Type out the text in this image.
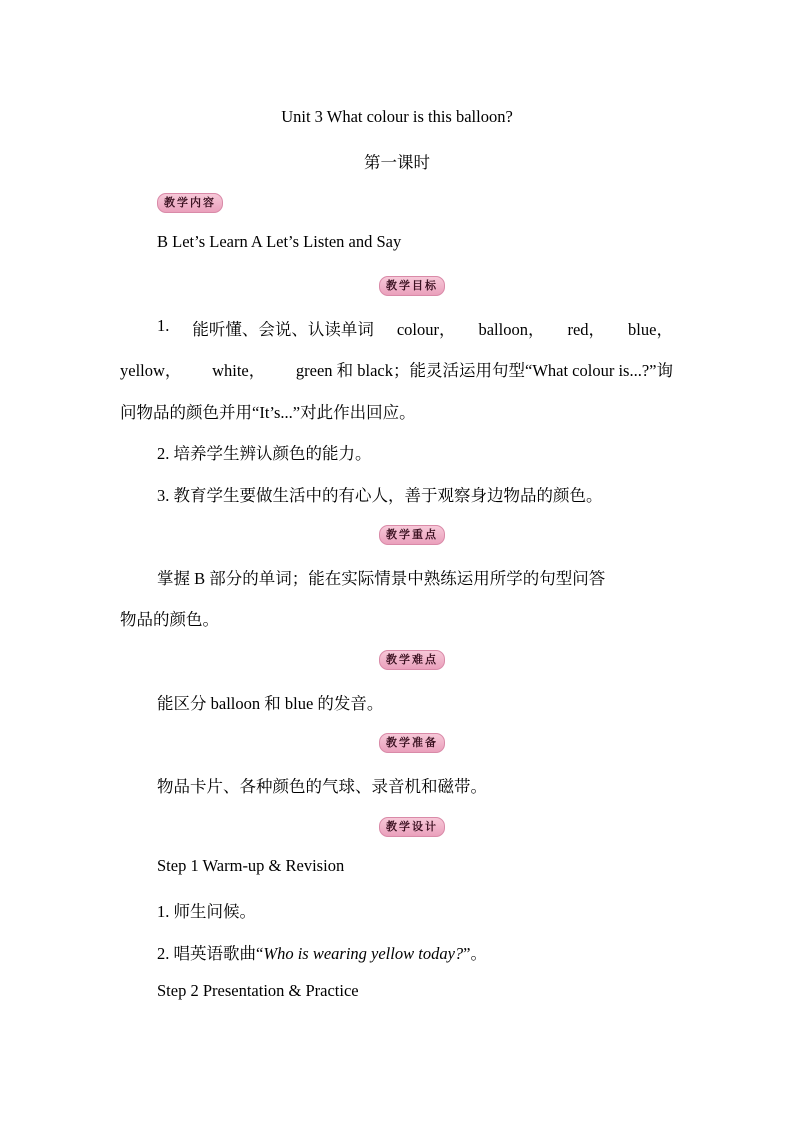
Unit 3 What colour is this balloon?
第一课时
教学内容
B Let’s Learn A Let’s Listen and Say
教学目标
1. 能听懂、会说、认读单词 colour， balloon， red， blue，
yellow， white， green 和 black；能灵活运用句型“What colour is...?”询
问物品的颜色并用“It’s...”对此作出回应。
2. 培养学生辨认颜色的能力。
3. 教育学生要做生活中的有心人，善于观察身边物品的颜色。
教学重点
掌握 B 部分的单词；能在实际情景中熟练运用所学的句型问答
物品的颜色。
教学难点
能区分 balloon 和 blue 的发音。
教学准备
物品卡片、各种颜色的气球、录音机和磁带。
教学设计
Step 1 Warm-up & Revision
1. 师生问候。
2. 唱英语歌曲“Who is wearing yellow today?”。
Step 2 Presentation & Practice
